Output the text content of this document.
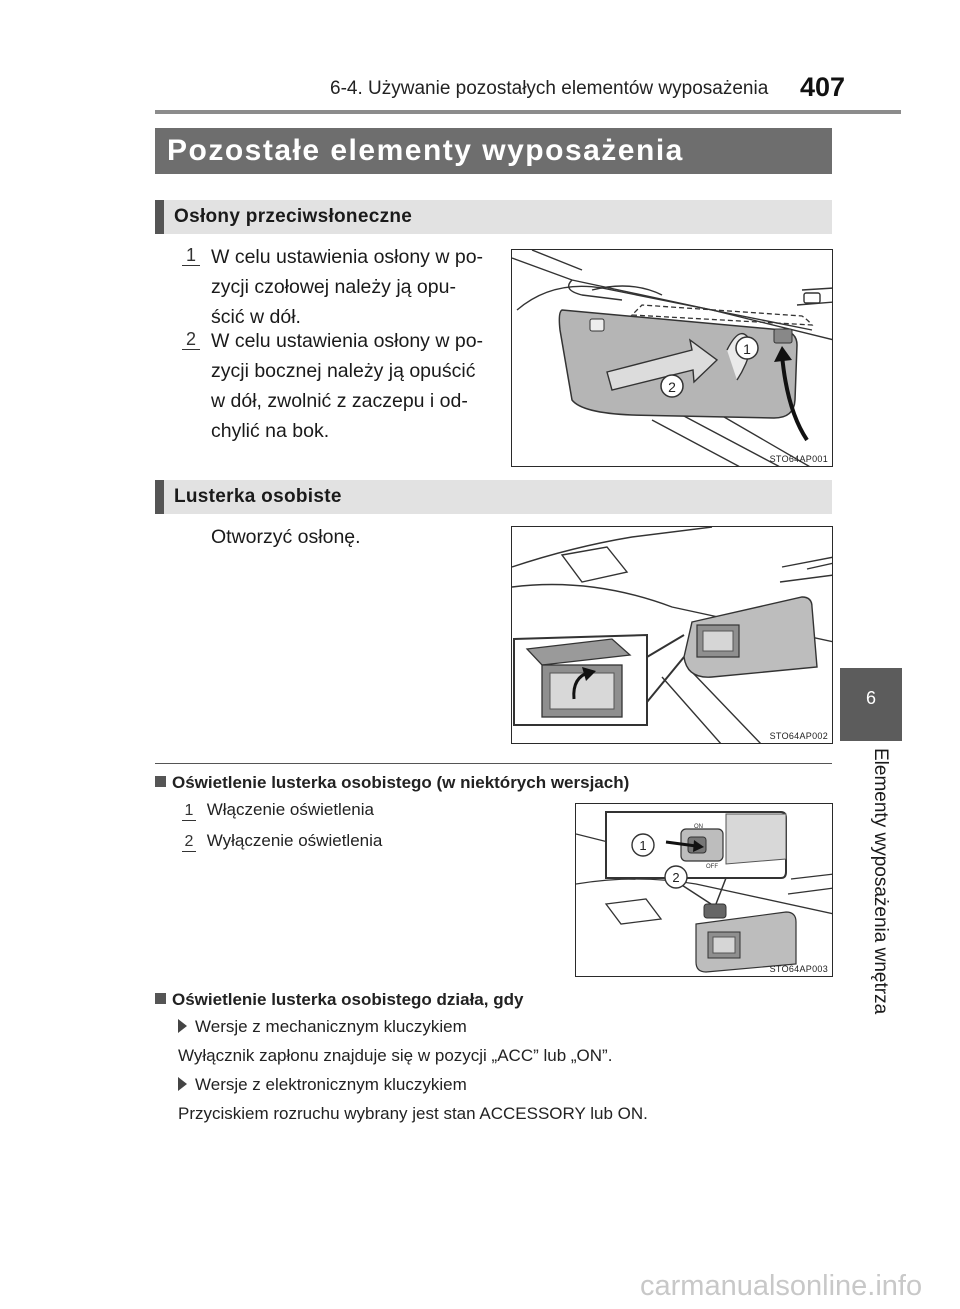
6-4. Używanie pozostałych elementów wyposażenia 407
6
Elementy wyposażenia wnętrza
Pozostałe elementy wyposażenia
Osłony przeciwsłoneczne
1 W celu ustawienia osłony w po-
zycji czołowej należy ją opu-
ścić w dół.
2 W celu ustawienia osłony w po-
zycji bocznej należy ją opuścić
w dół, zwolnić z zaczepu i od-
chylić na bok.
1
2
STO64AP001
Lusterka osobiste
Otworzyć osłonę.
STO64AP002
Oświetlenie lusterka osobistego (w niektórych wersjach)
1 Włączenie oświetlenia
2 Wyłączenie oświetlenia
ON
OFF
1
2
STO64AP003
Oświetlenie lusterka osobistego działa, gdy
Wersje z mechanicznym kluczykiem
Wyłącznik zapłonu znajduje się w pozycji „ACC” lub „ON”.
Wersje z elektronicznym kluczykiem
Przyciskiem rozruchu wybrany jest stan ACCESSORY lub ON.
carmanualsonline.info
